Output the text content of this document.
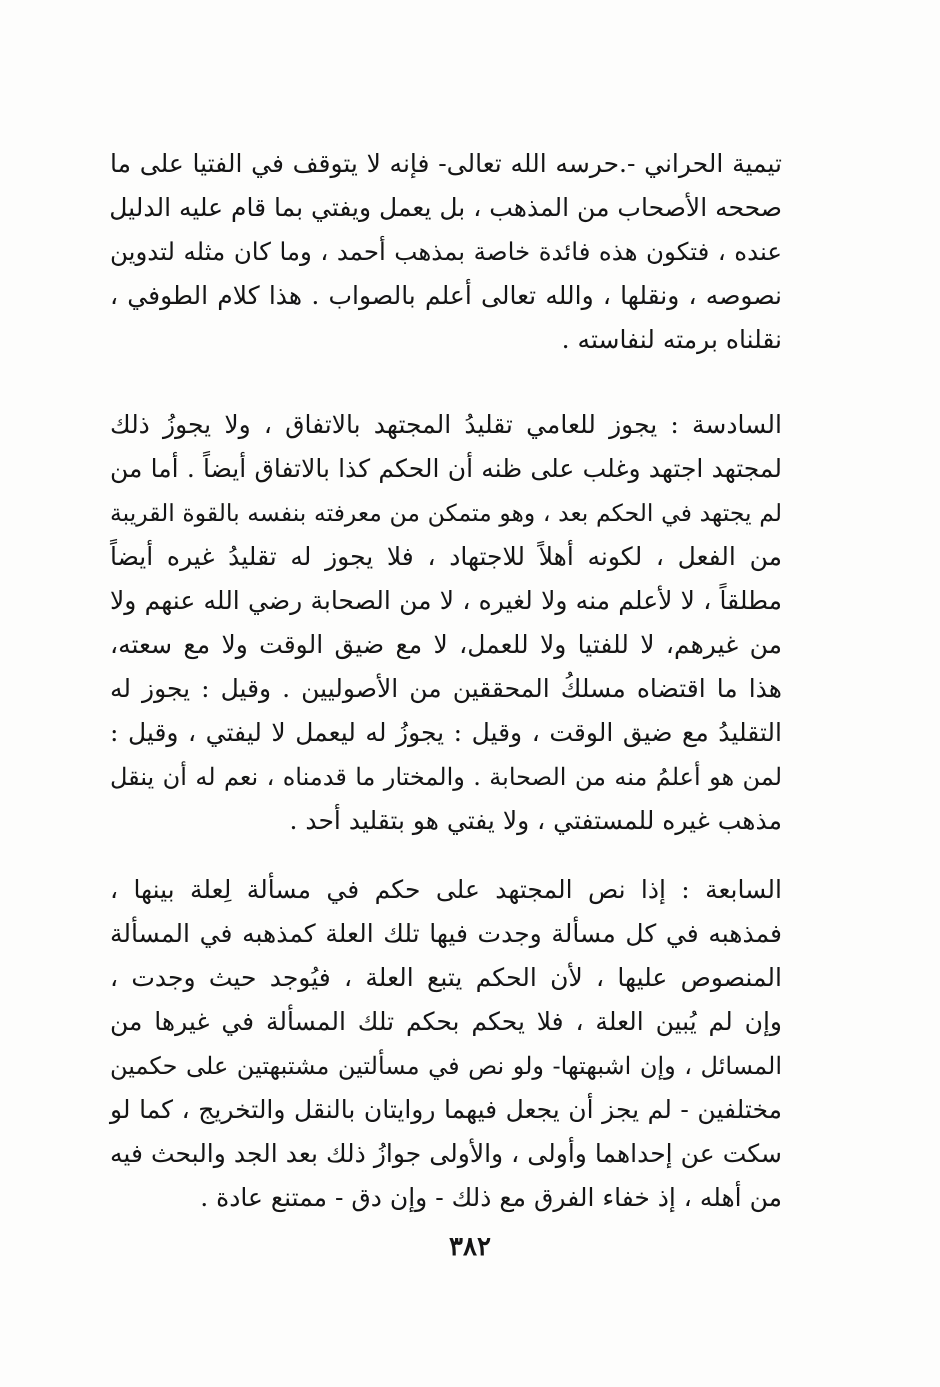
تيمية الحراني -.حرسه الله تعالى- فإنه لا يتوقف في الفتيا على ما
صححه الأصحاب من المذهب ، بل يعمل ويفتي بما قام عليه الدليل
عنده ، فتكون هذه فائدة خاصة بمذهب أحمد ، وما كان مثله لتدوين
نصوصه ، ونقلها ، والله تعالى أعلم بالصواب . هذا كلام الطوفي ،
نقلناه برمته لنفاسته .
السادسة : يجوز للعامي تقليدُ المجتهد بالاتفاق ، ولا يجوزُ ذلك
لمجتهد اجتهد وغلب على ظنه أن الحكم كذا بالاتفاق أيضاً . أما من
لم يجتهد في الحكم بعد ، وهو متمكن من معرفته بنفسه بالقوة القريبة
من الفعل ، لكونه أهلاً للاجتهاد ، فلا يجوز له تقليدُ غيره أيضاً
مطلقاً ، لا لأعلم منه ولا لغيره ، لا من الصحابة رضي الله عنهم ولا
من غيرهم، لا للفتيا ولا للعمل، لا مع ضيق الوقت ولا مع سعته،
هذا ما اقتضاه مسلكُ المحققين من الأصوليين . وقيل : يجوز له
التقليدُ مع ضيق الوقت ، وقيل : يجوزُ له ليعمل لا ليفتي ، وقيل :
لمن هو أعلمُ منه من الصحابة . والمختار ما قدمناه ، نعم له أن ينقل
مذهب غيره للمستفتي ، ولا يفتي هو بتقليد أحد .
السابعة : إذا نص المجتهد على حكم في مسألة لِعلة بينها ،
فمذهبه في كل مسألة وجدت فيها تلك العلة كمذهبه في المسألة
المنصوص عليها ، لأن الحكم يتبع العلة ، فيُوجد حيث وجدت ،
وإن لم يُبين العلة ، فلا يحكم بحكم تلك المسألة في غيرها من
المسائل ، وإن اشبهتها- ولو نص في مسألتين مشتبهتين على حكمين
مختلفين - لم يجز أن يجعل فيهما روايتان بالنقل والتخريج ، كما لو
سكت عن إحداهما وأولى ، والأولى جوازُ ذلك بعد الجد والبحث فيه
من أهله ، إذ خفاء الفرق مع ذلك - وإن دق - ممتنع عادة .
٣٨٢
